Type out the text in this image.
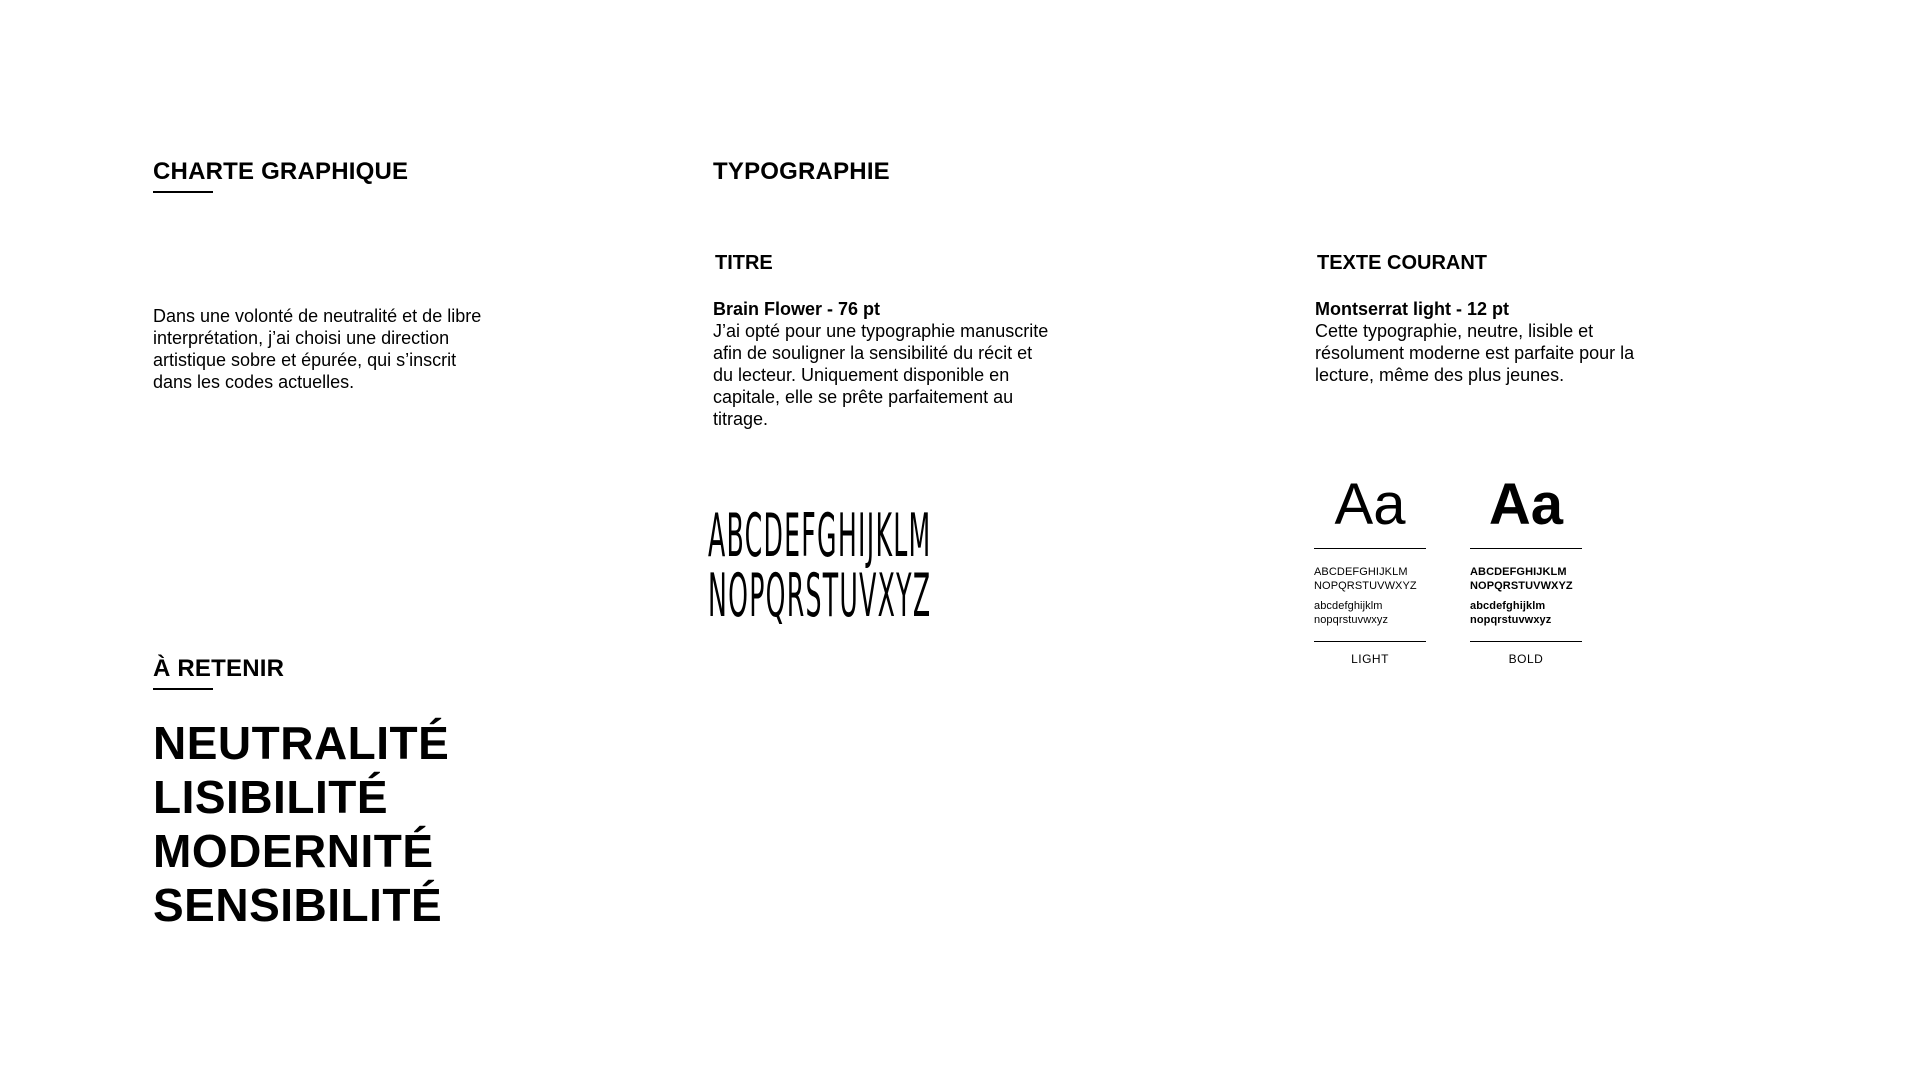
CHARTE GRAPHIQUE

Dans une volonté de neutralité et de libre interprétation, j’ai choisi une direction artistique sobre et épurée, qui s’inscrit dans les codes actuelles.

À RETENIR
NEUTRALITÉ
LISIBILITÉ
MODERNITÉ
SENSIBILITÉ
TYPOGRAPHIE
TITRE

Brain Flower - 76 pt

J’ai opté pour une typographie manuscrite afin de souligner la sensibilité du récit et du lecteur. Uniquement disponible en capitale, elle se prête parfaitement au titrage.

ABCDEFGHIJKLM
NOPQRSTUVXYZ
TEXTE COURANT

Montserrat light - 12 pt

Cette typographie, neutre, lisible et résolument moderne est parfaite pour la lecture, même des plus jeunes.

Aa
ABCDEFGHIJKLM
NOPQRSTUVWXYZ
abcdefghijklm
nopqrstuvwxyz
LIGHT
Aa
ABCDEFGHIJKLM
NOPQRSTUVWXYZ
abcdefghijklm
nopqrstuvwxyz
BOLD
